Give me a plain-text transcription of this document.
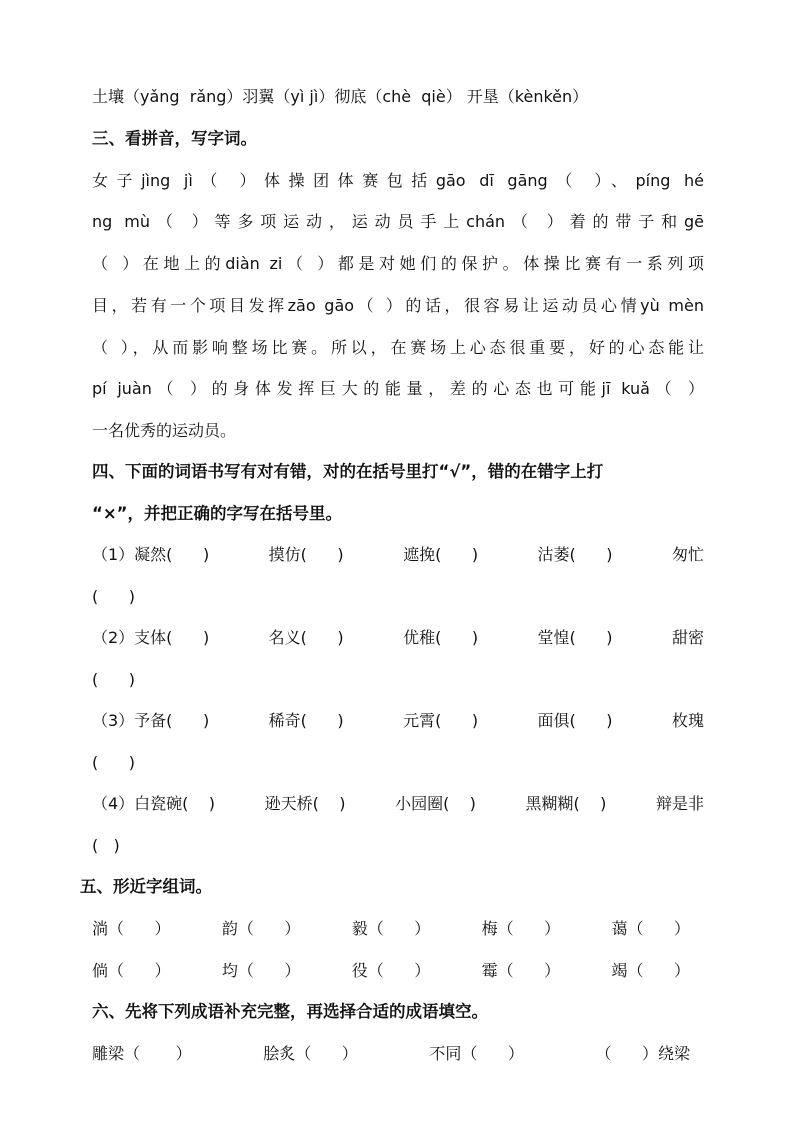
土壤（yǎng  rǎng）羽翼（yì jì）彻底（chè  qiè） 开垦（kènkěn）
三、看拼音，写字词。
女子jìng jì（ ）体操团体赛包括gāo dī gāng（ ）、píng hé
ng mù（ ）等多项运动，运动员手上chán（ ）着的带子和gē
（ ）在地上的diàn zi（ ）都是对她们的保护。体操比赛有一系列项
目，若有一个项目发挥zāo gāo（ ）的话，很容易让运动员心情yù mèn
（ ），从而影响整场比赛。所以，在赛场上心态很重要，好的心态能让
pí juàn（ ）的身体发挥巨大的能量，差的心态也可能jī kuǎ（ ）
一名优秀的运动员。
四、下面的词语书写有对有错，对的在括号里打“√”，错的在错字上打
“×”，并把正确的字写在括号里。
（1）凝然(      )	摸仿(      )	遮挽(      )	沽萎(      )	匆忙
(      )
（2）支体(      )	名义(      )	优稚(      )	堂惶(      )	甜密
(      )
（3）予备(      )	稀奇(      )	元霄(      )	面俱(      )	枚瑰
(      )
（4）白瓷碗(    )	逊天桥(    )	小园圈(    )	黑糊糊(    )	辩是非
(   )
五、形近字组词。
淌（      ）	韵（      ）	毅（      ）	梅（      ）	蔼（      ）
倘（      ）	均（      ）	役（      ）	霉（      ）	竭（      ）
六、先将下列成语补充完整，再选择合适的成语填空。
雕梁（       ）	脍炙（      ）	不同（      ）	（      ）绕梁
